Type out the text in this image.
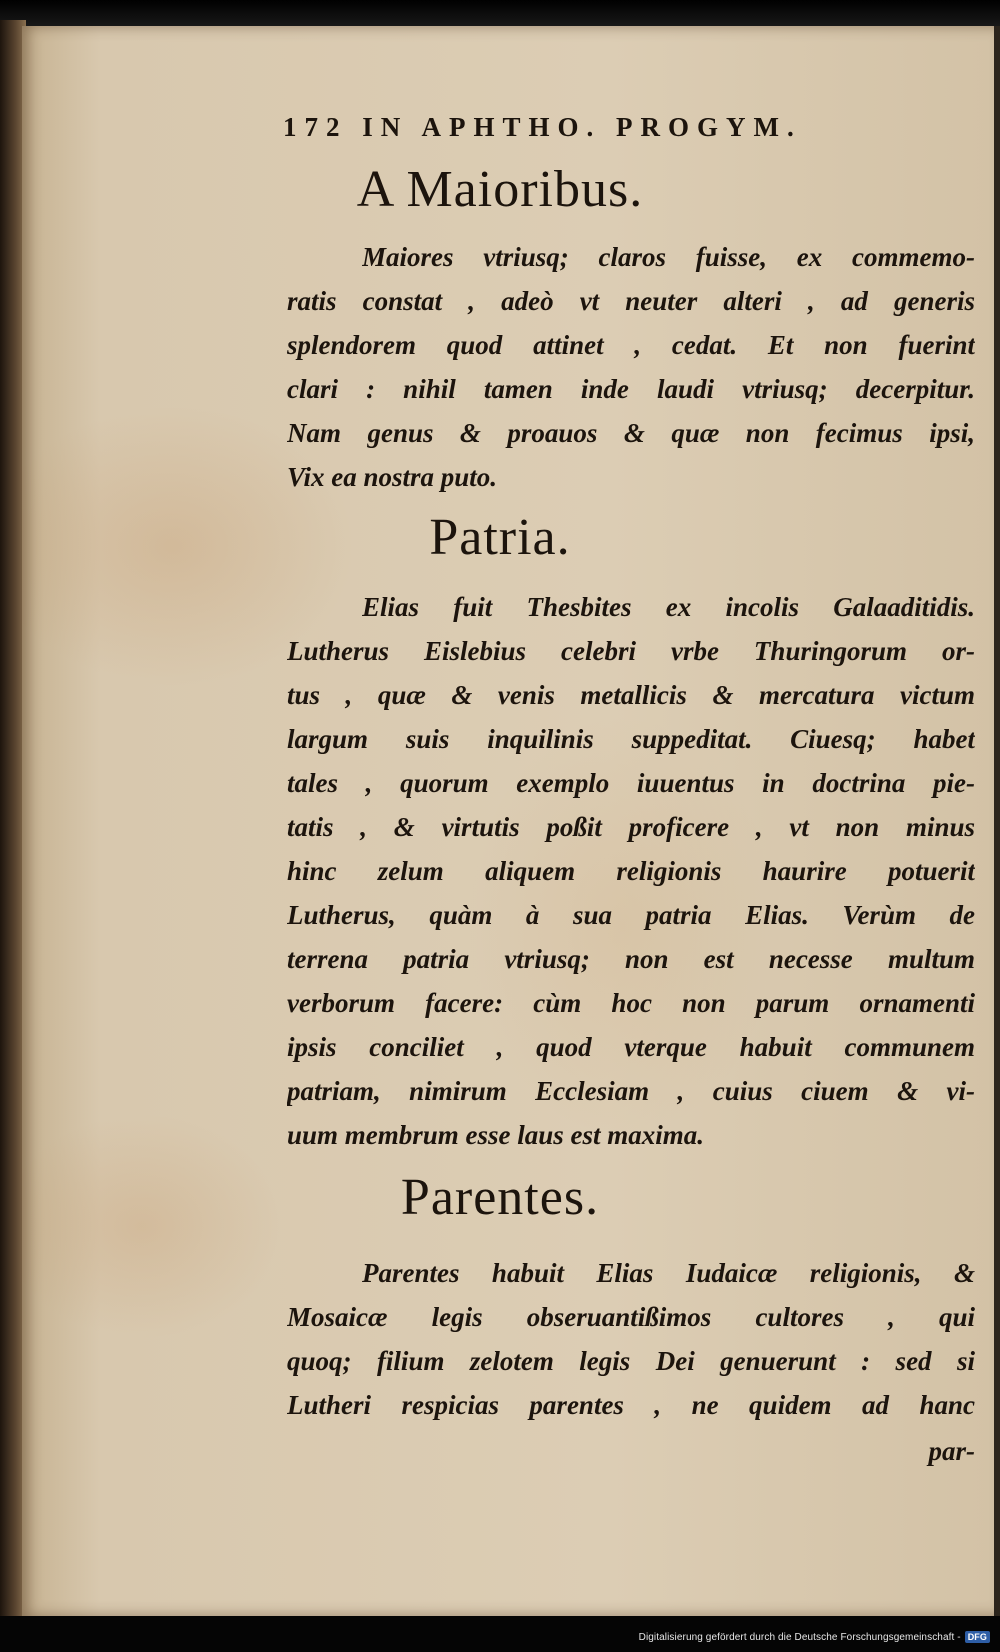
172 IN APHTHO. PROGYM.
A Maioribus.
Maiores vtriusq; claros fuisse, ex commemo-
ratis constat , adeò vt neuter alteri , ad generis
splendorem quod attinet , cedat. Et non fuerint
clari : nihil tamen inde laudi vtriusq; decerpitur.
Nam genus & proauos & quæ non fecimus ipsi,
Vix ea nostra puto.
Patria.
Elias fuit Thesbites ex incolis Galaaditidis.
Lutherus Eislebius celebri vrbe Thuringorum or-
tus , quæ & venis metallicis & mercatura victum
largum suis inquilinis suppeditat. Ciuesq; habet
tales , quorum exemplo iuuentus in doctrina pie-
tatis , & virtutis poßit proficere , vt non minus
hinc zelum aliquem religionis haurire potuerit
Lutherus, quàm à sua patria Elias. Verùm de
terrena patria vtriusq; non est necesse multum
verborum facere: cùm hoc non parum ornamenti
ipsis conciliet , quod vterque habuit communem
patriam, nimirum Ecclesiam , cuius ciuem & vi-
uum membrum esse laus est maxima.
Parentes.
Parentes habuit Elias Iudaicæ religionis, &
Mosaicæ legis obseruantißimos cultores , qui
quoq; filium zelotem legis Dei genuerunt : sed si
Lutheri respicias parentes , ne quidem ad hanc
par-
Digitalisierung gefördert durch die Deutsche Forschungsgemeinschaft - DFG
